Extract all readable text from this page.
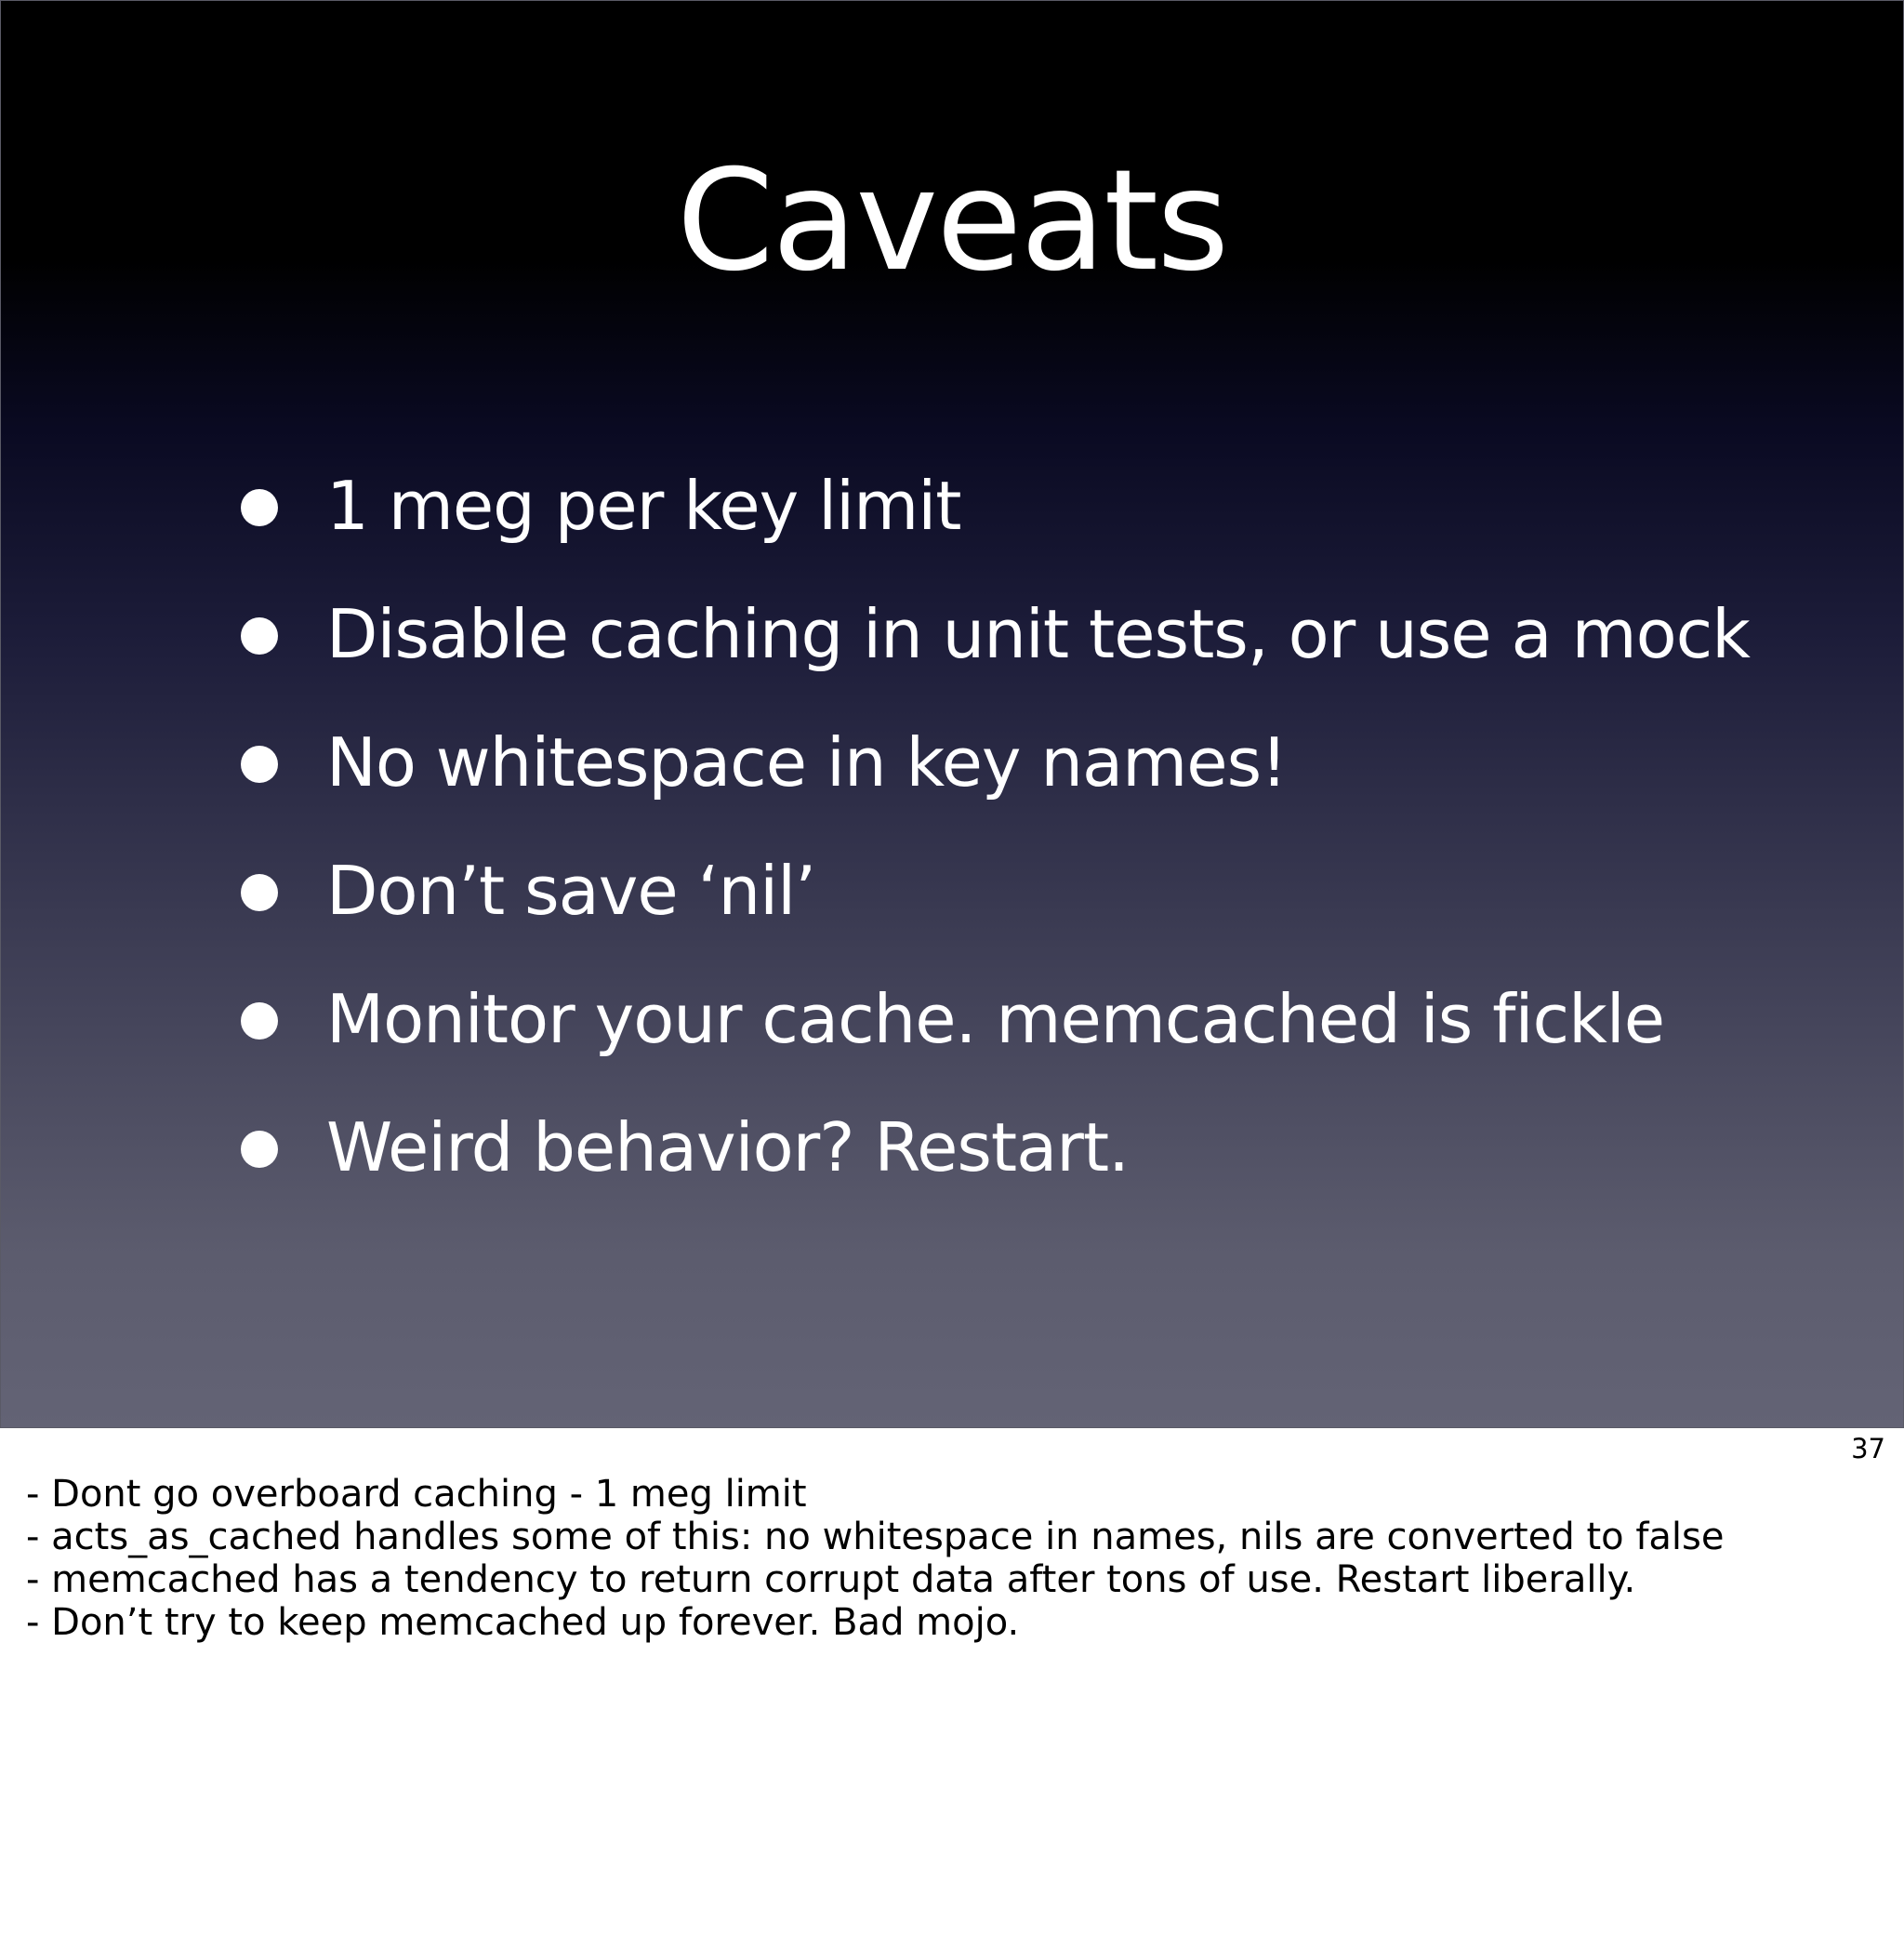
Caveats
1 meg per key limit
Disable caching in unit tests, or use a mock
No whitespace in key names!
Don’t save ‘nil’
Monitor your cache. memcached is fickle
Weird behavior? Restart.
37
- Dont go overboard caching - 1 meg limit
- acts_as_cached handles some of this: no whitespace in names, nils are converted to false
- memcached has a tendency to return corrupt data after tons of use. Restart liberally.
- Don’t try to keep memcached up forever. Bad mojo.
